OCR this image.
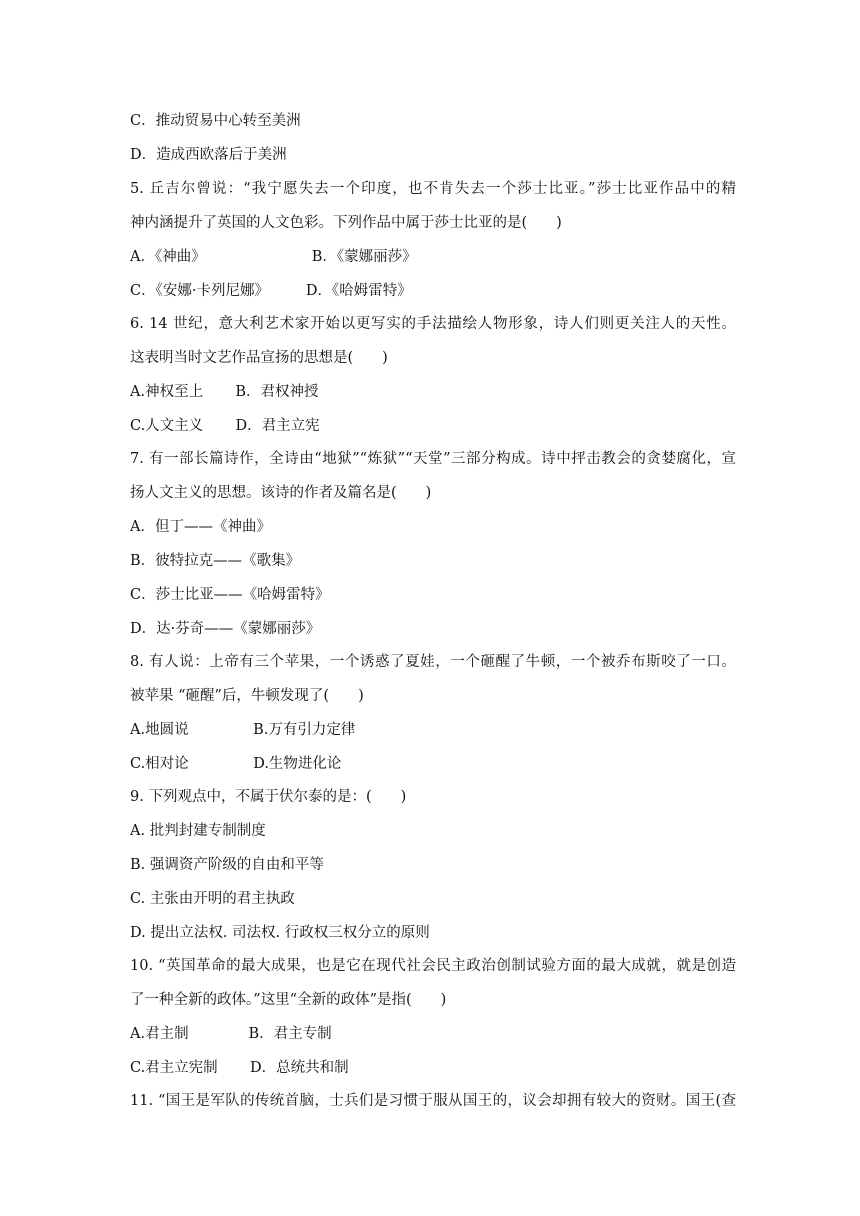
C．推动贸易中心转至美洲
D．造成西欧落后于美洲
5. 丘吉尔曾说：“我宁愿失去一个印度，也不肯失去一个莎士比亚。”莎士比亚作品中的精
神内涵提升了英国的人文色彩。下列作品中属于莎士比亚的是(　　)
A．《神曲》                       B．《蒙娜丽莎》
C．《安娜·卡列尼娜》        D．《哈姆雷特》
6. 14 世纪，意大利艺术家开始以更写实的手法描绘人物形象，诗人们则更关注人的天性。
这表明当时文艺作品宣扬的思想是(　　)
A.神权至上       B．君权神授
C.人文主义       D．君主立宪
7. 有一部长篇诗作，全诗由“地狱”“炼狱”“天堂”三部分构成。诗中抨击教会的贪婪腐化，宣
扬人文主义的思想。该诗的作者及篇名是(　　)
A．但丁——《神曲》
B．彼特拉克——《歌集》
C．莎士比亚——《哈姆雷特》
D．达·芬奇——《蒙娜丽莎》
8. 有人说：上帝有三个苹果，一个诱惑了夏娃，一个砸醒了牛顿，一个被乔布斯咬了一口。
被苹果 “砸醒”后，牛顿发现了(　　)
A.地圆说              B.万有引力定律
C.相对论              D.生物进化论
9. 下列观点中，不属于伏尔泰的是：(　　)
A. 批判封建专制制度
B. 强调资产阶级的自由和平等
C. 主张由开明的君主执政
D. 提出立法权. 司法权. 行政权三权分立的原则
10. “英国革命的最大成果，也是它在现代社会民主政治创制试验方面的最大成就，就是创造
了一种全新的政体。”这里“全新的政体”是指(　　)
A.君主制             B．君主专制
C.君主立宪制       D．总统共和制
11. “国王是军队的传统首脑，士兵们是习惯于服从国王的，议会却拥有较大的资财。国王(查
